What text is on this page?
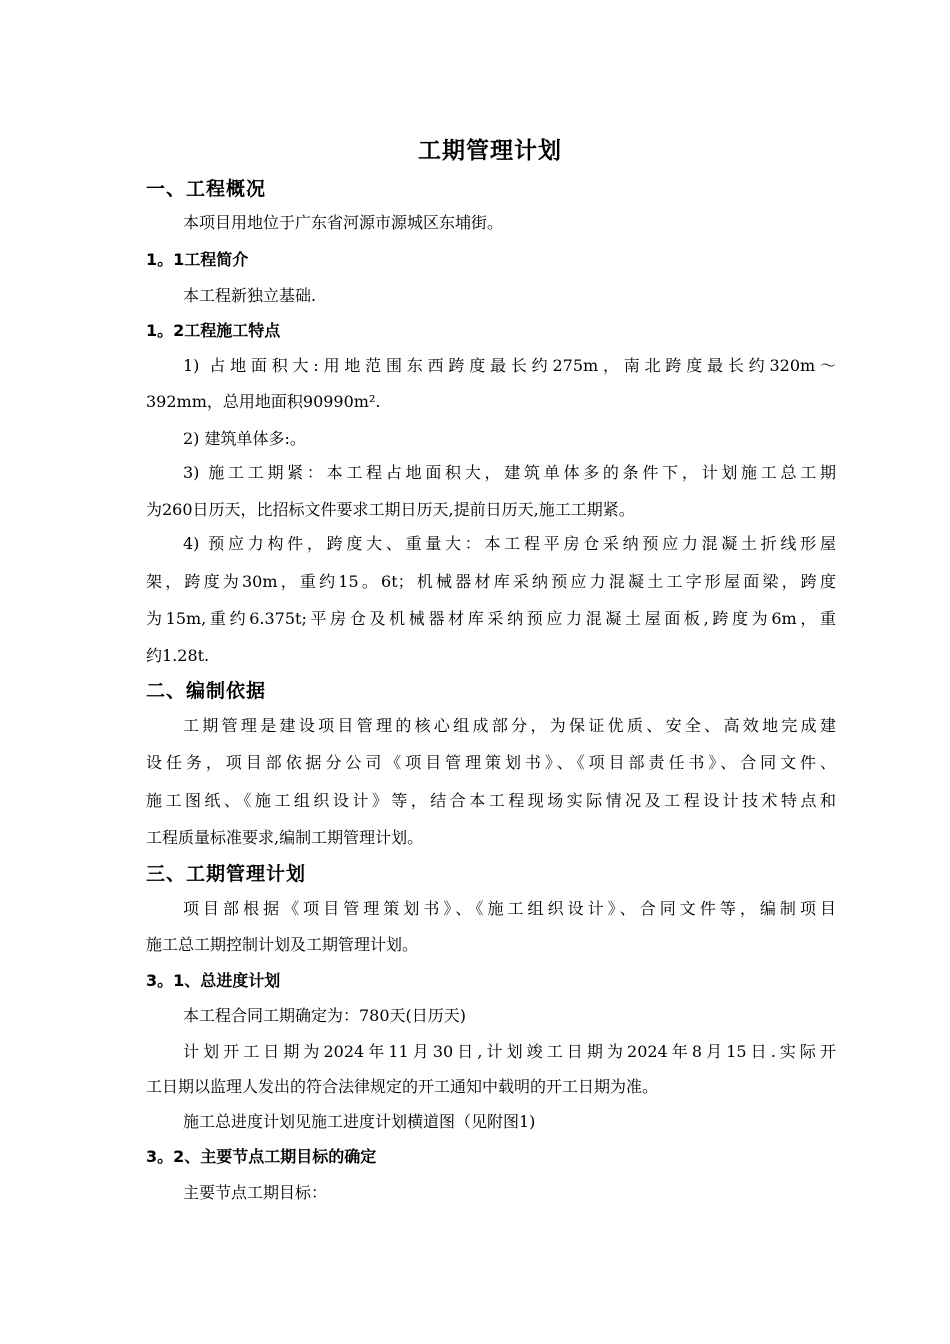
工期管理计划
一、工程概况
本项目用地位于广东省河源市源城区东埔街。
1。1工程简介
本工程新独立基础.
1。2工程施工特点
1) 占地面积大:用地范围东西跨度最长约275m，南北跨度最长约320m～
392mm，总用地面积90990m².
2) 建筑单体多:。
3) 施工工期紧：本工程占地面积大，建筑单体多的条件下，计划施工总工期
为260日历天，比招标文件要求工期日历天,提前日历天,施工工期紧。
4) 预应力构件，跨度大、重量大：本工程平房仓采纳预应力混凝土折线形屋
架，跨度为30m，重约15。6t；机械器材库采纳预应力混凝土工字形屋面梁，跨度
为15m,重约6.375t;平房仓及机械器材库采纳预应力混凝土屋面板,跨度为6m，重
约1.28t.
二、编制依据
工期管理是建设项目管理的核心组成部分，为保证优质、安全、高效地完成建
设任务，项目部依据分公司《项目管理策划书》、《项目部责任书》、合同文件、
施工图纸、《施工组织设计》等，结合本工程现场实际情况及工程设计技术特点和
工程质量标准要求,编制工期管理计划。
三、工期管理计划
项目部根据《项目管理策划书》、《施工组织设计》、合同文件等，编制项目
施工总工期控制计划及工期管理计划。
3。1、总进度计划
本工程合同工期确定为：780天(日历天)
计划开工日期为2024年11月30日,计划竣工日期为2024年8月15日.实际开
工日期以监理人发出的符合法律规定的开工通知中载明的开工日期为准。
施工总进度计划见施工进度计划横道图（见附图1)
3。2、主要节点工期目标的确定
主要节点工期目标：
